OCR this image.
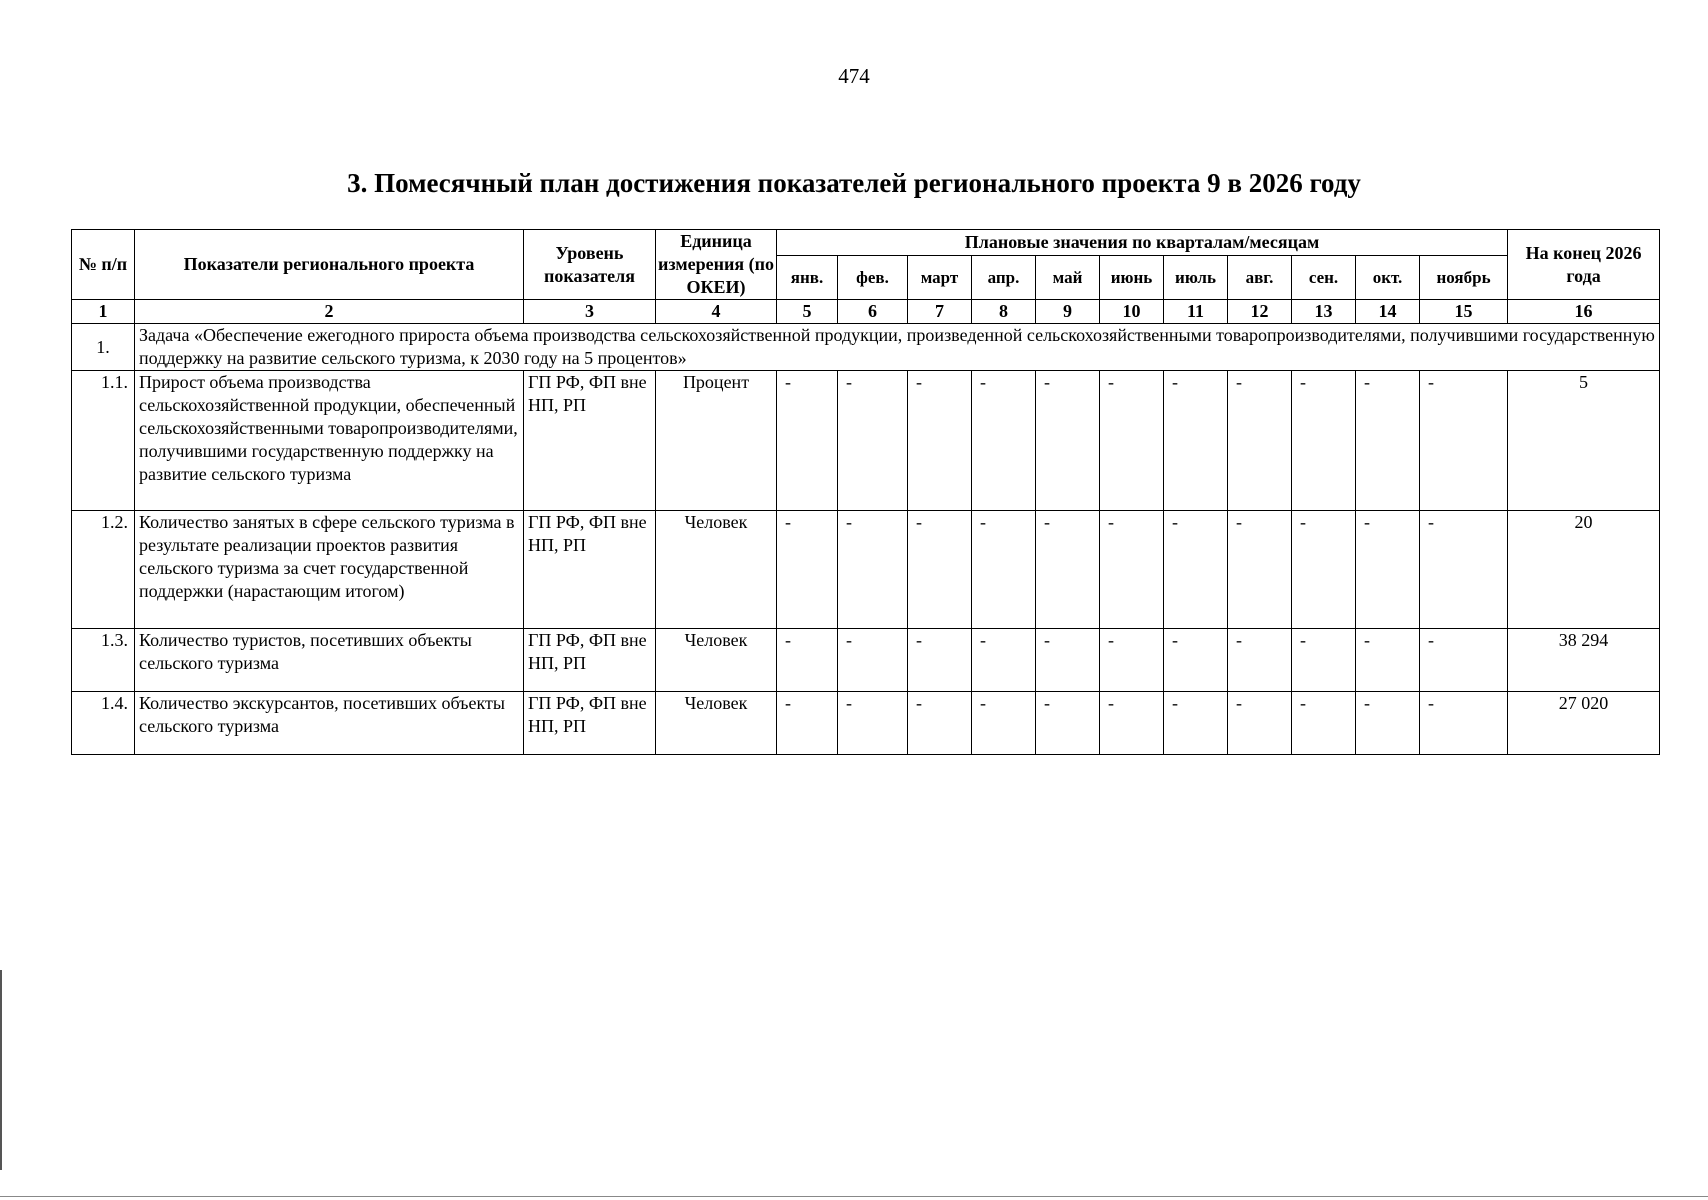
474
3. Помесячный план достижения показателей регионального проекта 9 в 2026 году
№ п/п	Показатели регионального проекта	Уровень показателя	Единица измерения (по ОКЕИ)	Плановые значения по кварталам/месяцам											На конец 2026 года
				янв.	фев.	март	апр.	май	июнь	июль	авг.	сен.	окт.	ноябрь	
1	2	3	4	5	6	7	8	9	10	11	12	13	14	15	16
1.	Задача «Обеспечение ежегодного прироста объема производства сельскохозяйственной продукции, произведенной сельскохозяйственными товаропроизводителями, получившими государственную поддержку на развитие сельского туризма, к 2030 году на 5 процентов»														
1.1.	Прирост объема производства сельскохозяйственной продукции, обеспеченный сельскохозяйственными товаропроизводителями, получившими государственную поддержку на развитие сельского туризма	ГП РФ, ФП вне НП, РП	Процент	-	-	-	-	-	-	-	-	-	-	-	5
1.2.	Количество занятых в сфере сельского туризма в результате реализации проектов развития сельского туризма за счет государственной поддержки (нарастающим итогом)	ГП РФ, ФП вне НП, РП	Человек	-	-	-	-	-	-	-	-	-	-	-	20
1.3.	Количество туристов, посетивших объекты сельского туризма	ГП РФ, ФП вне НП, РП	Человек	-	-	-	-	-	-	-	-	-	-	-	38 294
1.4.	Количество экскурсантов, посетивших объекты сельского туризма	ГП РФ, ФП вне НП, РП	Человек	-	-	-	-	-	-	-	-	-	-	-	27 020
